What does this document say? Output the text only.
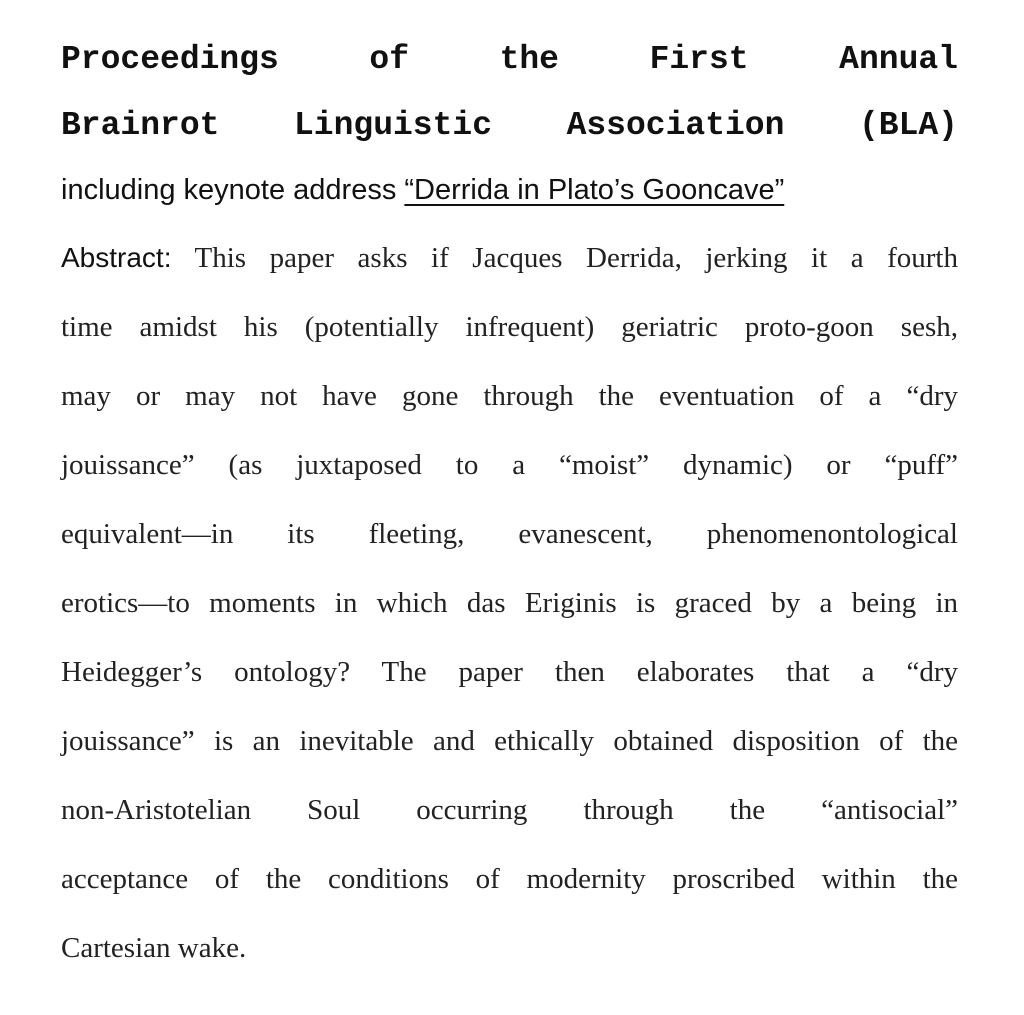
Proceedings	of	the	First	Annual
Brainrot Linguistic Association (BLA)
including keynote address “Derrida in Plato’s Gooncave”
Abstract: This paper asks if Jacques Derrida, jerking it a fourth
time amidst his (potentially infrequent) geriatric proto-goon sesh,
may or may not have gone through the eventuation of a “dry
jouissance” (as juxtaposed to a “moist” dynamic) or “puff”
equivalent—in its fleeting, evanescent, phenomenontological
erotics—to moments in which das Eriginis is graced by a being in
Heidegger’s ontology? The paper then elaborates that a “dry
jouissance” is an inevitable and ethically obtained disposition of the
non-Aristotelian Soul occurring through the “antisocial”
acceptance of the conditions of modernity proscribed within the
Cartesian wake.
